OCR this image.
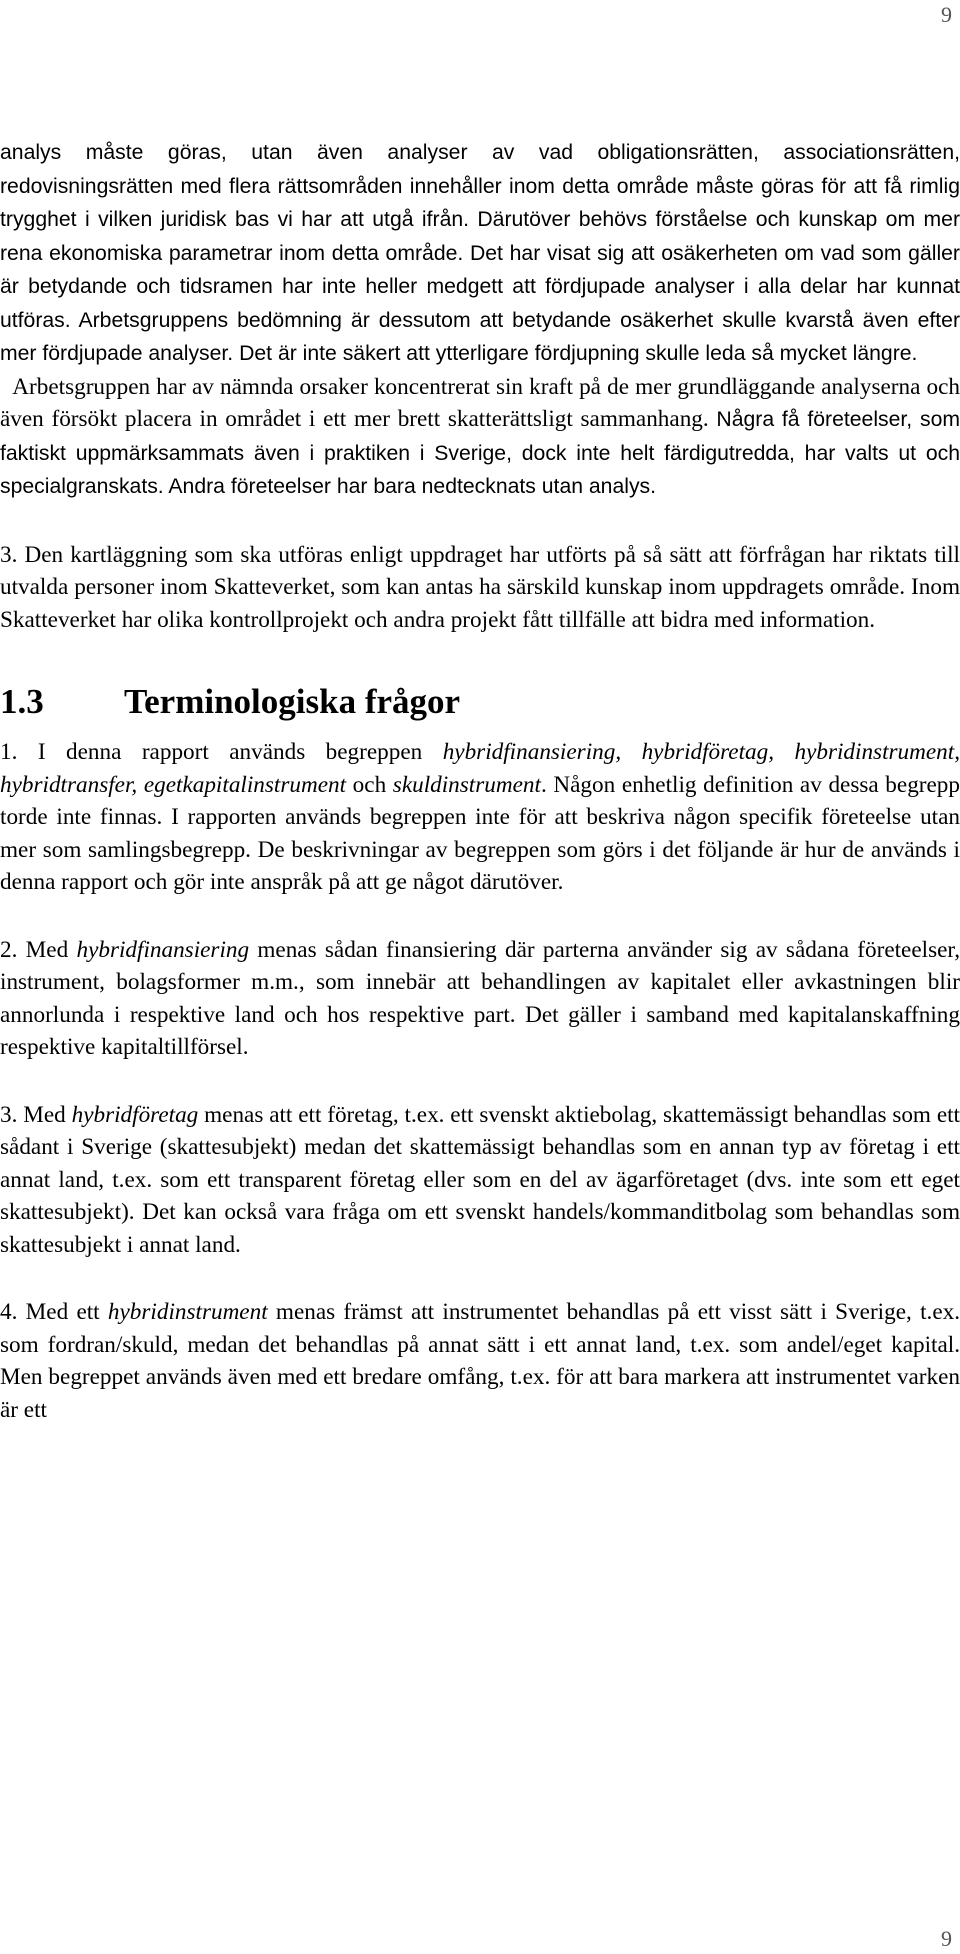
9

analys måste göras, utan även analyser av vad obligationsrätten, associationsrätten, redovisningsrätten med flera rättsområden innehåller inom detta område måste göras för att få rimlig trygghet i vilken juridisk bas vi har att utgå ifrån. Därutöver behövs förståelse och kunskap om mer rena ekonomiska parametrar inom detta område. Det har visat sig att osäkerheten om vad som gäller är betydande och tidsramen har inte heller medgett att fördjupade analyser i alla delar har kunnat utföras. Arbetsgruppens bedömning är dessutom att betydande osäkerhet skulle kvarstå även efter mer fördjupade analyser. Det är inte säkert att ytterligare fördjupning skulle leda så mycket längre.

Arbetsgruppen har av nämnda orsaker koncentrerat sin kraft på de mer grundläggande analyserna och även försökt placera in området i ett mer brett skatterättsligt sammanhang. Några få företeelser, som faktiskt uppmärksammats även i praktiken i Sverige, dock inte helt färdigutredda, har valts ut och specialgranskats. Andra företeelser har bara nedtecknats utan analys.

3. Den kartläggning som ska utföras enligt uppdraget har utförts på så sätt att förfrågan har riktats till utvalda personer inom Skatteverket, som kan antas ha särskild kunskap inom uppdragets område. Inom Skatteverket har olika kontrollprojekt och andra projekt fått tillfälle att bidra med information.

1.3 Terminologiska frågor

1. I denna rapport används begreppen hybridfinansiering, hybridföretag, hybridinstrument, hybridtransfer, egetkapitalinstrument och skuldinstrument. Någon enhetlig definition av dessa begrepp torde inte finnas. I rapporten används begreppen inte för att beskriva någon specifik företeelse utan mer som samlingsbegrepp. De beskrivningar av begreppen som görs i det följande är hur de används i denna rapport och gör inte anspråk på att ge något därutöver.

2. Med hybridfinansiering menas sådan finansiering där parterna använder sig av sådana företeelser, instrument, bolagsformer m.m., som innebär att behandlingen av kapitalet eller avkastningen blir annorlunda i respektive land och hos respektive part. Det gäller i samband med kapitalanskaffning respektive kapitaltillförsel.

3. Med hybridföretag menas att ett företag, t.ex. ett svenskt aktiebolag, skattemässigt behandlas som ett sådant i Sverige (skattesubjekt) medan det skattemässigt behandlas som en annan typ av företag i ett annat land, t.ex. som ett transparent företag eller som en del av ägarföretaget (dvs. inte som ett eget skattesubjekt). Det kan också vara fråga om ett svenskt handels/kommanditbolag som behandlas som skattesubjekt i annat land.

4. Med ett hybridinstrument menas främst att instrumentet behandlas på ett visst sätt i Sverige, t.ex. som fordran/skuld, medan det behandlas på annat sätt i ett annat land, t.ex. som andel/eget kapital. Men begreppet används även med ett bredare omfång, t.ex. för att bara markera att instrumentet varken är ett

9
